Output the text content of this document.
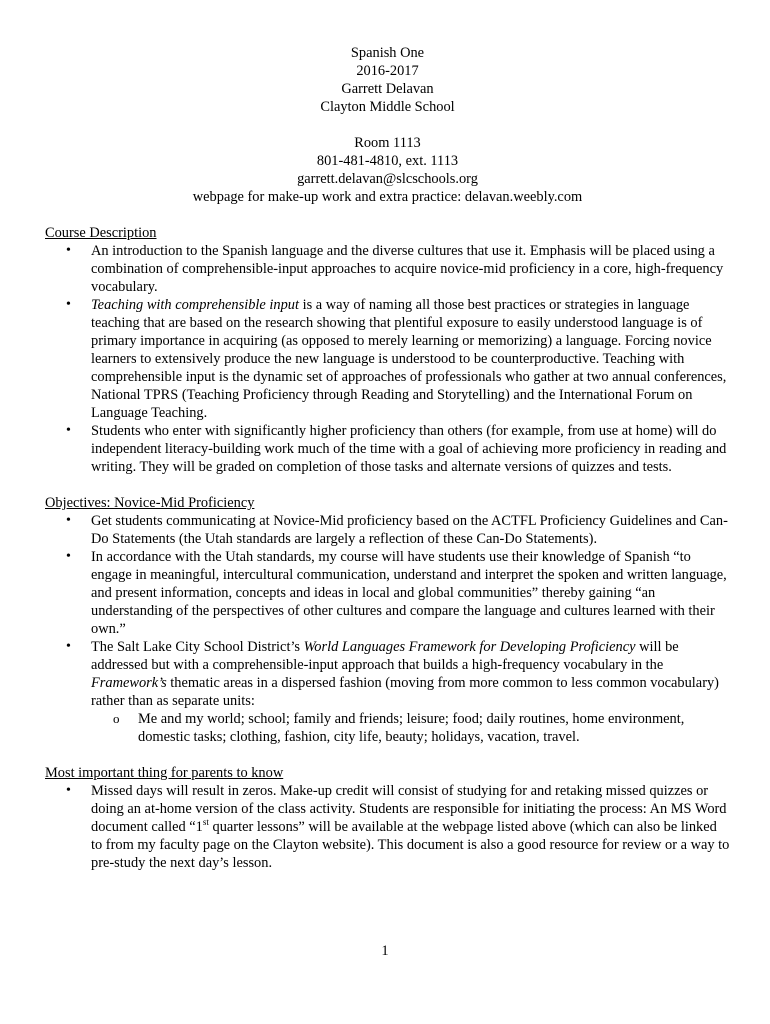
Spanish One

2016-2017

Garrett Delavan

Clayton Middle School

Room 1113

801-481-4810, ext. 1113

garrett.delavan@slcschools.org

webpage for make-up work and extra practice: delavan.weebly.com

Course Description

• An introduction to the Spanish language and the diverse cultures that use it. Emphasis will be placed using a combination of comprehensible-input approaches to acquire novice-mid proficiency in a core, high-frequency vocabulary.
• Teaching with comprehensible input is a way of naming all those best practices or strategies in language teaching that are based on the research showing that plentiful exposure to easily understood language is of primary importance in acquiring (as opposed to merely learning or memorizing) a language. Forcing novice learners to extensively produce the new language is understood to be counterproductive. Teaching with comprehensible input is the dynamic set of approaches of professionals who gather at two annual conferences, National TPRS (Teaching Proficiency through Reading and Storytelling) and the International Forum on Language Teaching.
• Students who enter with significantly higher proficiency than others (for example, from use at home) will do independent literacy-building work much of the time with a goal of achieving more proficiency in reading and writing. They will be graded on completion of those tasks and alternate versions of quizzes and tests.

Objectives: Novice-Mid Proficiency

• Get students communicating at Novice-Mid proficiency based on the ACTFL Proficiency Guidelines and Can-Do Statements (the Utah standards are largely a reflection of these Can-Do Statements).
• In accordance with the Utah standards, my course will have students use their knowledge of Spanish “to engage in meaningful, intercultural communication, understand and interpret the spoken and written language, and present information, concepts and ideas in local and global communities” thereby gaining “an understanding of the perspectives of other cultures and compare the language and cultures learned with their own.”
• The Salt Lake City School District’s World Languages Framework for Developing Proficiency will be addressed but with a comprehensible-input approach that builds a high-frequency vocabulary in the Framework’s thematic areas in a dispersed fashion (moving from more common to less common vocabulary) rather than as separate units:
o Me and my world; school; family and friends; leisure; food; daily routines, home environment, domestic tasks; clothing, fashion, city life, beauty; holidays, vacation, travel.

Most important thing for parents to know

• Missed days will result in zeros. Make-up credit will consist of studying for and retaking missed quizzes or doing an at-home version of the class activity. Students are responsible for initiating the process: An MS Word document called “1st quarter lessons” will be available at the webpage listed above (which can also be linked to from my faculty page on the Clayton website). This document is also a good resource for review or a way to pre-study the next day’s lesson.
1
